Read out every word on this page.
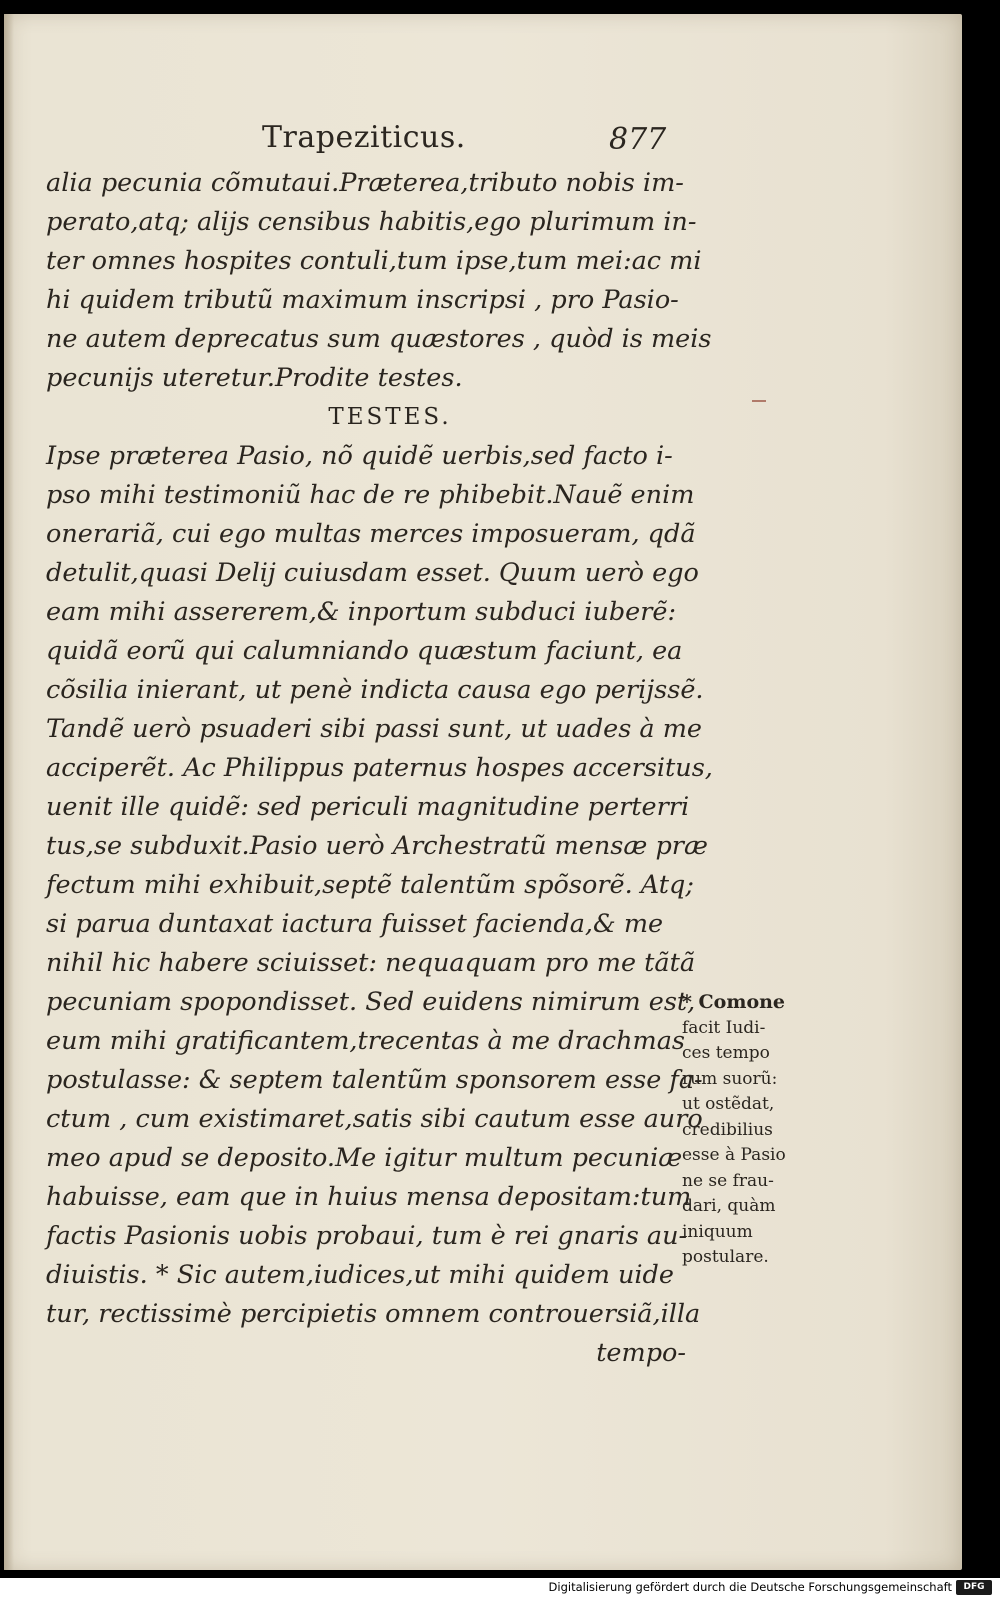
Trapeziticus.	877
alia pecunia cõmutaui.Præterea,tributo nobis im-
perato,atq; alijs censibus habitis,ego plurimum in-
ter omnes hospites contuli,tum ipse,tum mei:ac mi
hi quidem tributũ maximum inscripsi , pro Pasio-
ne autem deprecatus sum quæstores , quòd is meis
pecunijs uteretur.Prodite testes.
TESTES.
Ipse præterea Pasio, nõ quidẽ uerbis,sed facto i-
pso mihi testimoniũ hac de re phibebit.Nauẽ enim
onerariã, cui ego multas merces imposueram, qdã
detulit,quasi Delij cuiusdam esset. Quum uerò ego
eam mihi assererem,& inportum subduci iuberẽ:
quidã eorũ qui calumniando quæstum faciunt, ea
cõsilia inierant, ut penè indicta causa ego perijssẽ.
Tandẽ uerò psuaderi sibi passi sunt, ut uades à me
acciperẽt. Ac Philippus paternus hospes accersitus,
uenit ille quidẽ: sed periculi magnitudine perterri
tus,se subduxit.Pasio uerò Archestratũ mensæ præ
fectum mihi exhibuit,septẽ talentũm spõsorẽ. Atq;
si parua duntaxat iactura fuisset facienda,& me
nihil hic habere sciuisset: nequaquam pro me tãtã
pecuniam spopondisset. Sed euidens nimirum est,
eum mihi gratificantem,trecentas à me drachmas
postulasse: & septem talentũm sponsorem esse fa-
ctum , cum existimaret,satis sibi cautum esse auro
meo apud se deposito.Me igitur multum pecuniæ
habuisse, eam que in huius mensa depositam:tum
factis Pasionis uobis probaui, tum è rei gnaris au-
diuistis. * Sic autem,iudices,ut mihi quidem uide
tur, rectissimè percipietis omnem controuersiã,illa
tempo-
* Comone
facit Iudi-
ces tempo
rum suorũ:
ut ostẽdat,
credibilius
esse à Pasio
ne se frau-
dari, quàm
iniquum
postulare.
Digitalisierung gefördert durch die Deutsche Forschungsgemeinschaft	DFG
